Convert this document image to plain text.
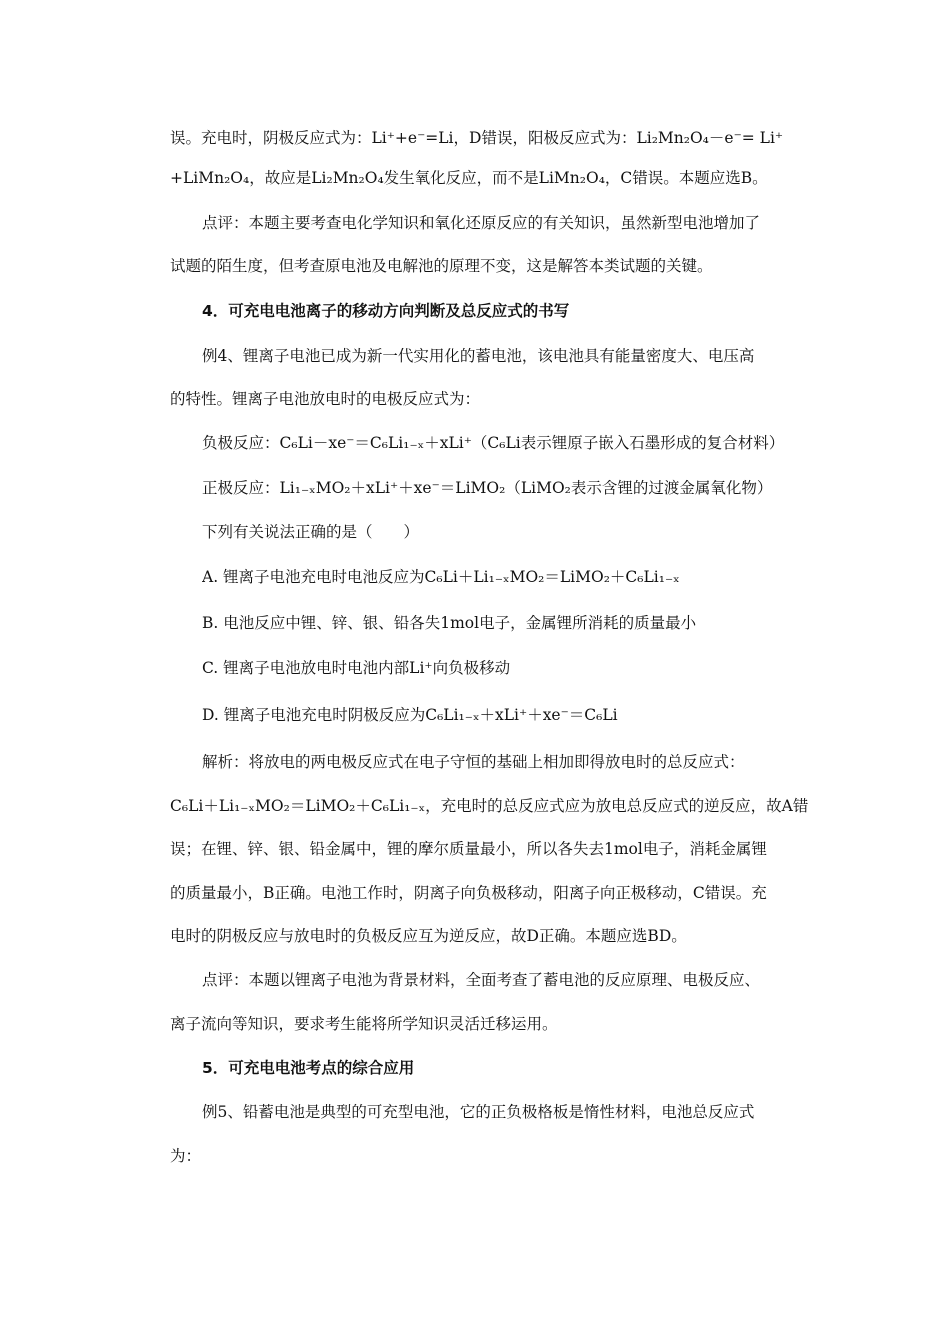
误。充电时，阴极反应式为：Li⁺+e⁻=Li，D错误，阳极反应式为：Li₂Mn₂O₄－e⁻= Li⁺
+LiMn₂O₄，故应是Li₂Mn₂O₄发生氧化反应，而不是LiMn₂O₄，C错误。本题应选B。
点评：本题主要考查电化学知识和氧化还原反应的有关知识，虽然新型电池增加了
试题的陌生度，但考查原电池及电解池的原理不变，这是解答本类试题的关键。
4．可充电电池离子的移动方向判断及总反应式的书写
例4、锂离子电池已成为新一代实用化的蓄电池，该电池具有能量密度大、电压高
的特性。锂离子电池放电时的电极反应式为：
负极反应：C₆Li－xe⁻＝C₆Li₁₋ₓ＋xLi⁺（C₆Li表示锂原子嵌入石墨形成的复合材料）
正极反应：Li₁₋ₓMO₂＋xLi⁺＋xe⁻＝LiMO₂（LiMO₂表示含锂的过渡金属氧化物）
下列有关说法正确的是（　　）
A. 锂离子电池充电时电池反应为C₆Li＋Li₁₋ₓMO₂＝LiMO₂＋C₆Li₁₋ₓ
B. 电池反应中锂、锌、银、铅各失1mol电子，金属锂所消耗的质量最小
C. 锂离子电池放电时电池内部Li⁺向负极移动
D. 锂离子电池充电时阴极反应为C₆Li₁₋ₓ＋xLi⁺＋xe⁻＝C₆Li
解析：将放电的两电极反应式在电子守恒的基础上相加即得放电时的总反应式：
C₆Li＋Li₁₋ₓMO₂＝LiMO₂＋C₆Li₁₋ₓ，充电时的总反应式应为放电总反应式的逆反应，故A错
误；在锂、锌、银、铅金属中，锂的摩尔质量最小，所以各失去1mol电子，消耗金属锂
的质量最小，B正确。电池工作时，阴离子向负极移动，阳离子向正极移动，C错误。充
电时的阴极反应与放电时的负极反应互为逆反应，故D正确。本题应选BD。
点评：本题以锂离子电池为背景材料，全面考查了蓄电池的反应原理、电极反应、
离子流向等知识，要求考生能将所学知识灵活迁移运用。
5．可充电电池考点的综合应用
例5、铅蓄电池是典型的可充型电池，它的正负极格板是惰性材料，电池总反应式
为：
